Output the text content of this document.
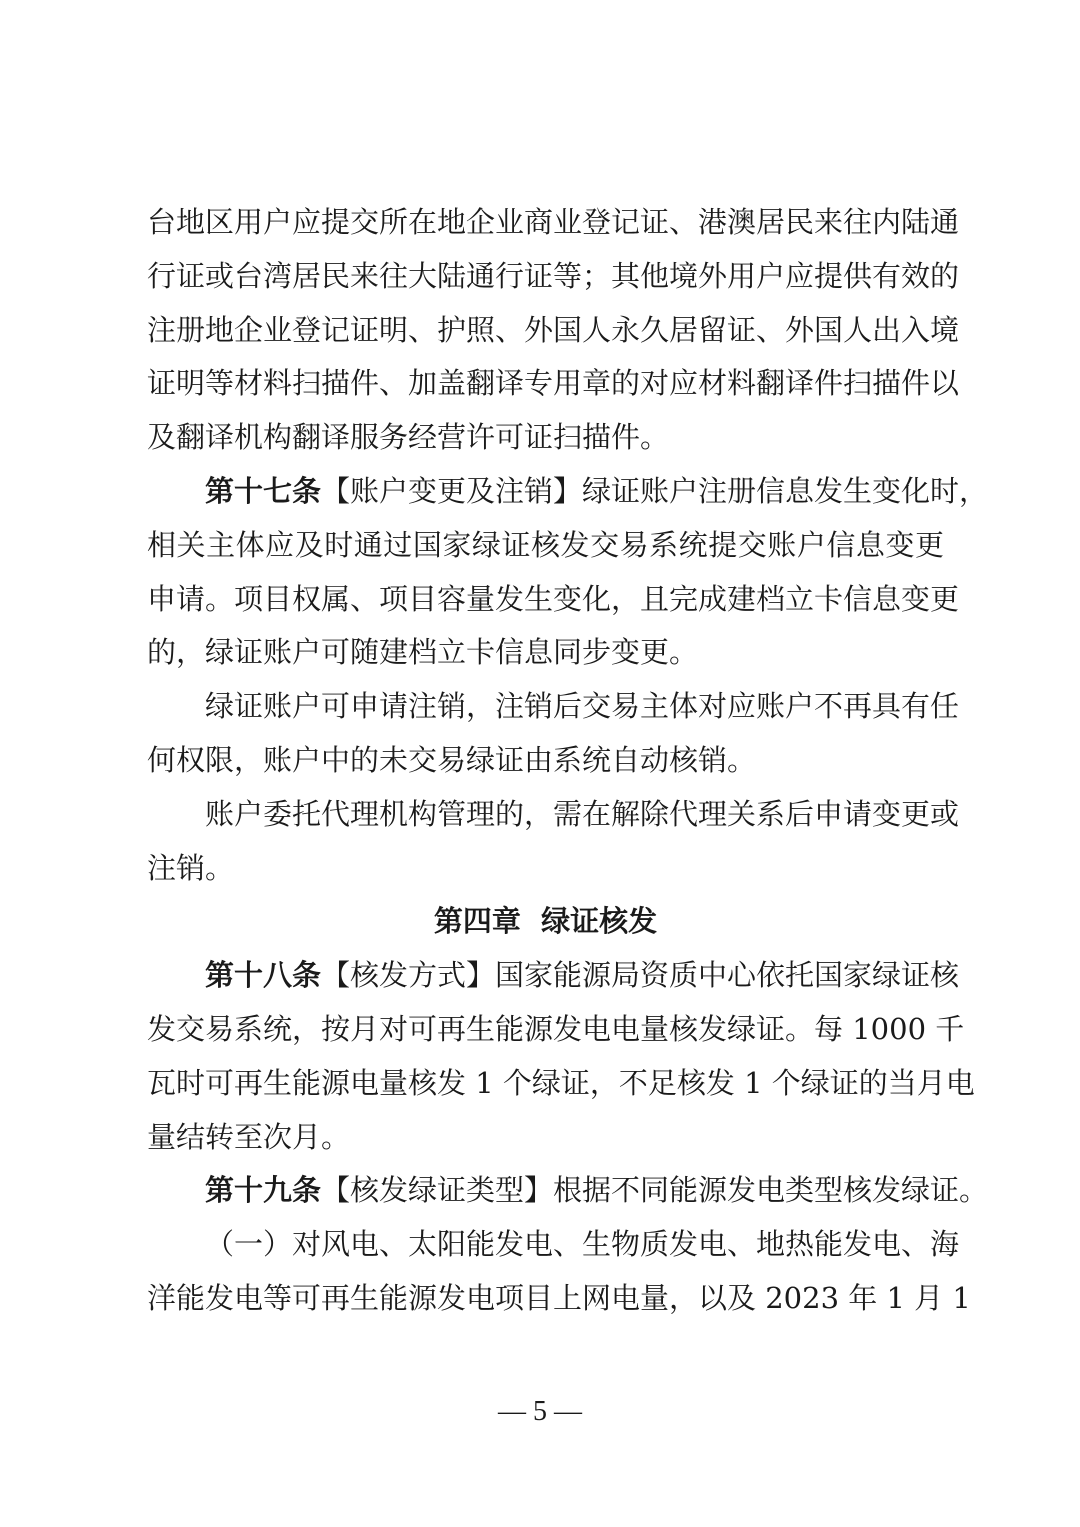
台地区用户应提交所在地企业商业登记证、港澳居民来往内陆通
行证或台湾居民来往大陆通行证等；其他境外用户应提供有效的
注册地企业登记证明、护照、外国人永久居留证、外国人出入境
证明等材料扫描件、加盖翻译专用章的对应材料翻译件扫描件以
及翻译机构翻译服务经营许可证扫描件。
第十七条【账户变更及注销】绿证账户注册信息发生变化时，
相关主体应及时通过国家绿证核发交易系统提交账户信息变更
申请。项目权属、项目容量发生变化，且完成建档立卡信息变更
的，绿证账户可随建档立卡信息同步变更。
绿证账户可申请注销，注销后交易主体对应账户不再具有任
何权限，账户中的未交易绿证由系统自动核销。
账户委托代理机构管理的，需在解除代理关系后申请变更或
注销。
第四章  绿证核发
第十八条【核发方式】国家能源局资质中心依托国家绿证核
发交易系统，按月对可再生能源发电电量核发绿证。每 1000 千
瓦时可再生能源电量核发 1 个绿证，不足核发 1 个绿证的当月电
量结转至次月。
第十九条【核发绿证类型】根据不同能源发电类型核发绿证。
（一）对风电、太阳能发电、生物质发电、地热能发电、海
洋能发电等可再生能源发电项目上网电量，以及 2023 年 1 月 1
— 5 —
